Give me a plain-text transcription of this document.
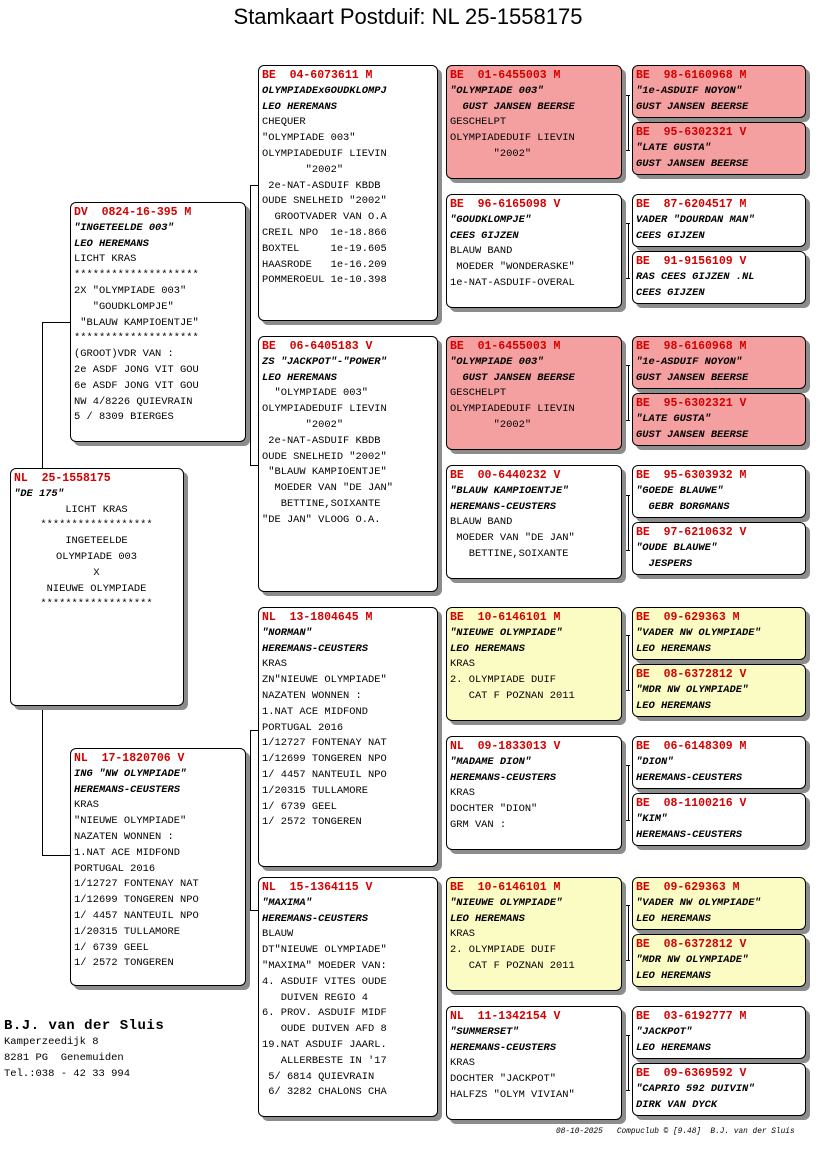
Stamkaart Postduif: NL 25-1558175
NL  25-1558175
"DE 175"
LICHT KRAS
******************
INGETEELDE
OLYMPIADE 003
X
NIEUWE OLYMPIADE
******************
DV  0824-16-395 M
"INGETEELDE 003"
LEO HEREMANS
LICHT KRAS
********************
2X "OLYMPIADE 003"
"GOUDKLOMPJE"
"BLAUW KAMPIOENTJE"
********************
(GROOT)VDR VAN :
2e ASDF JONG VIT GOU
6e ASDF JONG VIT GOU
NW 4/8226 QUIEVRAIN
5 / 8309 BIERGES
NL  17-1820706 V
ING "NW OLYMPIADE"
HEREMANS-CEUSTERS
KRAS
"NIEUWE OLYMPIADE"
NAZATEN WONNEN :
1.NAT ACE MIDFOND
PORTUGAL 2016
1/12727 FONTENAY NAT
1/12699 TONGEREN NPO
1/ 4457 NANTEUIL NPO
1/20315 TULLAMORE
1/ 6739 GEEL
1/ 2572 TONGEREN
BE  04-6073611 M
OLYMPIADExGOUDKLOMPJ
LEO HEREMANS
CHEQUER
"OLYMPIADE 003"
OLYMPIADEDUIF LIEVIN
"2002"
2e-NAT-ASDUIF KBDB
OUDE SNELHEID "2002"
GROOTVADER VAN O.A
CREIL NPO  1e-18.866
BOXTEL     1e-19.605
HAASRODE   1e-16.209
POMMEROEUL 1e-10.398
BE  06-6405183 V
ZS "JACKPOT"-"POWER"
LEO HEREMANS
"OLYMPIADE 003"
OLYMPIADEDUIF LIEVIN
"2002"
2e-NAT-ASDUIF KBDB
OUDE SNELHEID "2002"
"BLAUW KAMPIOENTJE"
MOEDER VAN "DE JAN"
BETTINE,SOIXANTE
"DE JAN" VLOOG O.A.
NL  13-1804645 M
"NORMAN"
HEREMANS-CEUSTERS
KRAS
ZN"NIEUWE OLYMPIADE"
NAZATEN WONNEN :
1.NAT ACE MIDFOND
PORTUGAL 2016
1/12727 FONTENAY NAT
1/12699 TONGEREN NPO
1/ 4457 NANTEUIL NPO
1/20315 TULLAMORE
1/ 6739 GEEL
1/ 2572 TONGEREN
NL  15-1364115 V
"MAXIMA"
HEREMANS-CEUSTERS
BLAUW
DT"NIEUWE OLYMPIADE"
"MAXIMA" MOEDER VAN:
4. ASDUIF VITES OUDE
DUIVEN REGIO 4
6. PROV. ASDUIF MIDF
OUDE DUIVEN AFD 8
19.NAT ASDUIF JAARL.
ALLERBESTE IN '17
5/ 6814 QUIEVRAIN
6/ 3282 CHALONS CHA
BE  01-6455003 M
"OLYMPIADE 003"
GUST JANSEN BEERSE
GESCHELPT
OLYMPIADEDUIF LIEVIN
"2002"
BE  96-6165098 V
"GOUDKLOMPJE"
CEES GIJZEN
BLAUW BAND
MOEDER "WONDERASKE"
1e-NAT-ASDUIF-OVERAL
BE  01-6455003 M
"OLYMPIADE 003"
GUST JANSEN BEERSE
GESCHELPT
OLYMPIADEDUIF LIEVIN
"2002"
BE  00-6440232 V
"BLAUW KAMPIOENTJE"
HEREMANS-CEUSTERS
BLAUW BAND
MOEDER VAN "DE JAN"
BETTINE,SOIXANTE
BE  10-6146101 M
"NIEUWE OLYMPIADE"
LEO HEREMANS
KRAS
2. OLYMPIADE DUIF
CAT F POZNAN 2011
NL  09-1833013 V
"MADAME DION"
HEREMANS-CEUSTERS
KRAS
DOCHTER "DION"
GRM VAN :
BE  10-6146101 M
"NIEUWE OLYMPIADE"
LEO HEREMANS
KRAS
2. OLYMPIADE DUIF
CAT F POZNAN 2011
NL  11-1342154 V
"SUMMERSET"
HEREMANS-CEUSTERS
KRAS
DOCHTER "JACKPOT"
HALFZS "OLYM VIVIAN"
BE  98-6160968 M
"1e-ASDUIF NOYON"
GUST JANSEN BEERSE
BE  95-6302321 V
"LATE GUSTA"
GUST JANSEN BEERSE
BE  87-6204517 M
VADER "DOURDAN MAN"
CEES GIJZEN
BE  91-9156109 V
RAS CEES GIJZEN .NL
CEES GIJZEN
BE  98-6160968 M
"1e-ASDUIF NOYON"
GUST JANSEN BEERSE
BE  95-6302321 V
"LATE GUSTA"
GUST JANSEN BEERSE
BE  95-6303932 M
"GOEDE BLAUWE"
GEBR BORGMANS
BE  97-6210632 V
"OUDE BLAUWE"
JESPERS
BE  09-629363 M
"VADER NW OLYMPIADE"
LEO HEREMANS
BE  08-6372812 V
"MDR NW OLYMPIADE"
LEO HEREMANS
BE  06-6148309 M
"DION"
HEREMANS-CEUSTERS
BE  08-1100216 V
"KIM"
HEREMANS-CEUSTERS
BE  09-629363 M
"VADER NW OLYMPIADE"
LEO HEREMANS
BE  08-6372812 V
"MDR NW OLYMPIADE"
LEO HEREMANS
BE  03-6192777 M
"JACKPOT"
LEO HEREMANS
BE  09-6369592 V
"CAPRIO 592 DUIVIN"
DIRK VAN DYCK
B.J. van der Sluis
Kamperzeedijk 8
8281 PG  Genemuiden
Tel.:038 - 42 33 994
08-10-2025   Compuclub © [9.48]  B.J. van der Sluis
